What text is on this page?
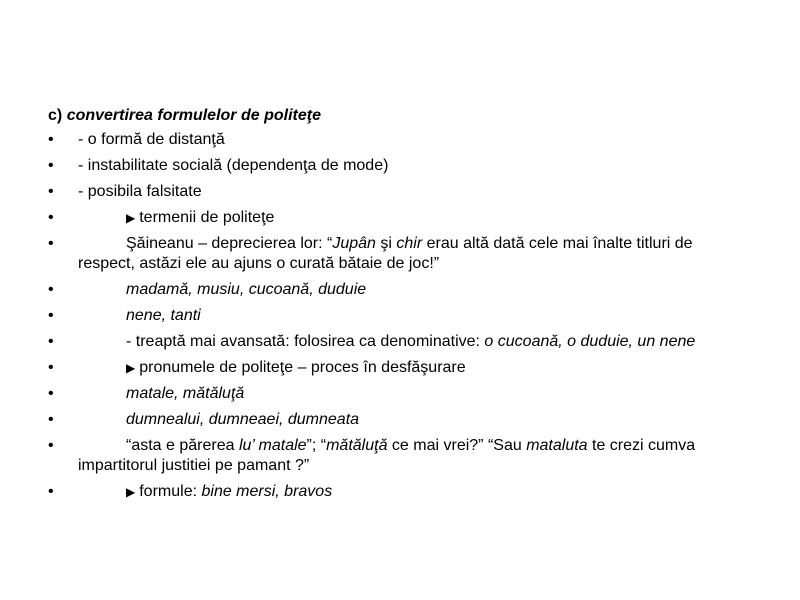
c) convertirea formulelor de politeţe
•	- o formă de distanţă
•	- instabilitate socială (dependenţa de mode)
•	- posibila falsitate
•	▶ termenii de politeţe
•	Şăineanu – deprecierea lor: “Jupân şi chir erau altă dată cele mai înalte titluri de respect, astăzi ele au ajuns o curată bătaie de joc!”
•	madamă, musiu, cucoană, duduie
•	nene, tanti
•	- treaptă mai avansată: folosirea ca denominative: o cucoană, o duduie, un nene
•	▶ pronumele de politeţe – proces în desfăşurare
•	matale, mătăluţă
•	dumnealui, dumneaei, dumneata
•	“asta e părerea lu’ matale”; “mătăluţă ce mai vrei?” “Sau mataluta te crezi cumva impartitorul justitiei pe pamant ?”
•	▶ formule: bine mersi, bravos
